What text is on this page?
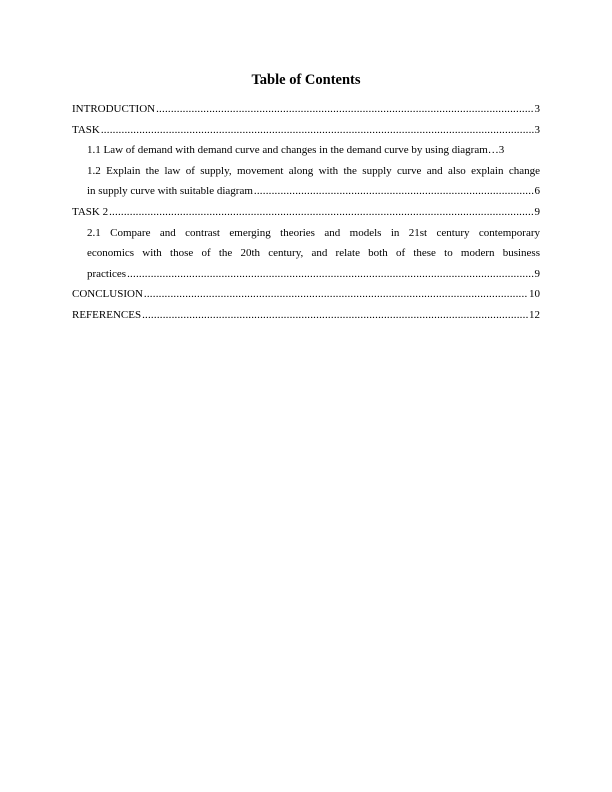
Table of Contents
INTRODUCTION .....	3
TASK .....	3
1.1 Law of demand with demand curve and changes in the demand curve by using diagram … 3
1.2 Explain the law of supply, movement along with the supply curve and also explain change
in supply curve with suitable diagram .....	6
TASK 2 .....	9
2.1 Compare and contrast emerging theories and models in 21st century contemporary
economics with those of the 20th century, and relate both of these to modern business
practices .....	9
CONCLUSION .....	10
REFERENCES .....	12
